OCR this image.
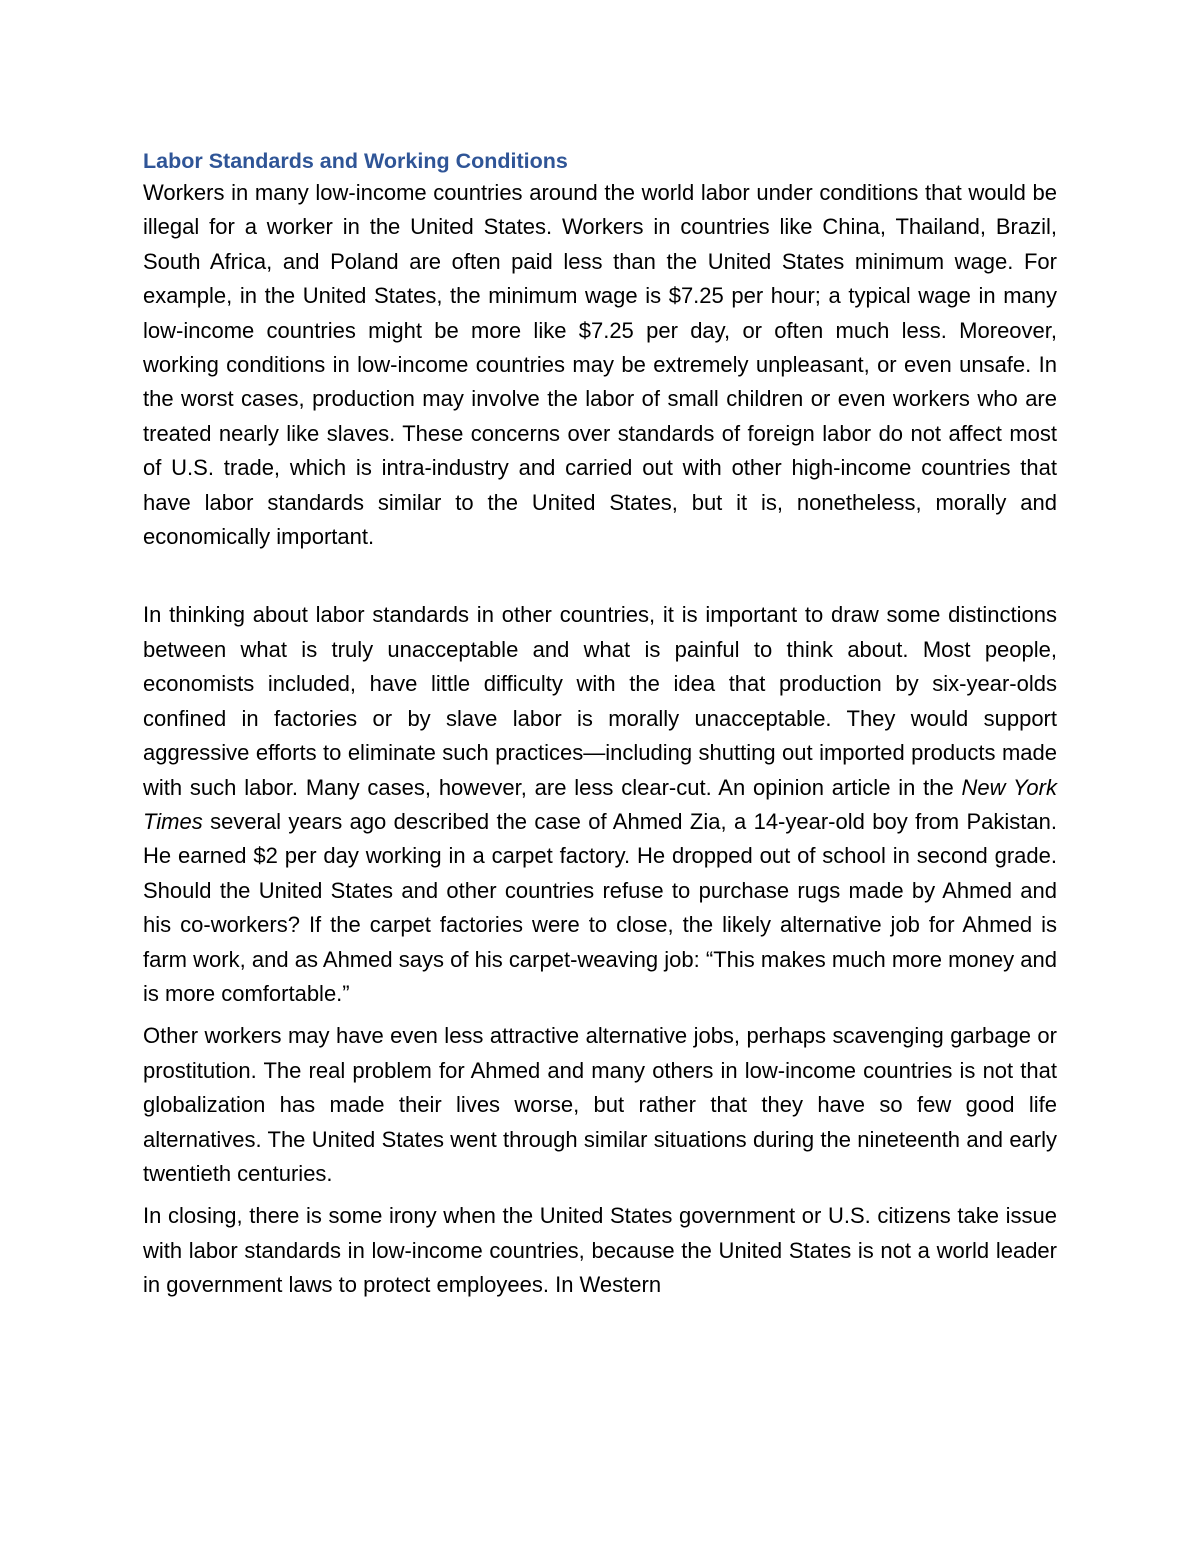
Labor Standards and Working Conditions

Workers in many low-income countries around the world labor under conditions that would be illegal for a worker in the United States. Workers in countries like China, Thailand, Brazil, South Africa, and Poland are often paid less than the United States minimum wage. For example, in the United States, the minimum wage is $7.25 per hour; a typical wage in many low-income countries might be more like $7.25 per day, or often much less. Moreover, working conditions in low-income countries may be extremely unpleasant, or even unsafe. In the worst cases, production may involve the labor of small children or even workers who are treated nearly like slaves. These concerns over standards of foreign labor do not affect most of U.S. trade, which is intra-industry and carried out with other high-income countries that have labor standards similar to the United States, but it is, nonetheless, morally and economically important.

In thinking about labor standards in other countries, it is important to draw some distinctions between what is truly unacceptable and what is painful to think about. Most people, economists included, have little difficulty with the idea that production by six-year-olds confined in factories or by slave labor is morally unacceptable. They would support aggressive efforts to eliminate such practices—including shutting out imported products made with such labor. Many cases, however, are less clear-cut. An opinion article in the New York Times several years ago described the case of Ahmed Zia, a 14-year-old boy from Pakistan. He earned $2 per day working in a carpet factory. He dropped out of school in second grade. Should the United States and other countries refuse to purchase rugs made by Ahmed and his co-workers? If the carpet factories were to close, the likely alternative job for Ahmed is farm work, and as Ahmed says of his carpet-weaving job: “This makes much more money and is more comfortable.”

Other workers may have even less attractive alternative jobs, perhaps scavenging garbage or prostitution. The real problem for Ahmed and many others in low-income countries is not that globalization has made their lives worse, but rather that they have so few good life alternatives. The United States went through similar situations during the nineteenth and early twentieth centuries.

In closing, there is some irony when the United States government or U.S. citizens take issue with labor standards in low-income countries, because the United States is not a world leader in government laws to protect employees. In Western
